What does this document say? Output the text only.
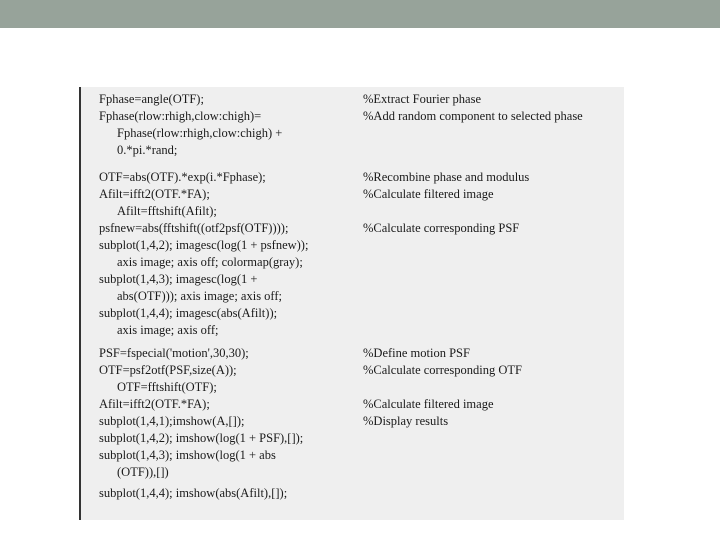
Fphase=angle(OTF);	%Extract Fourier phase
Fphase(rlow:rhigh,clow:chigh)=	%Add random component to selected phase
Fphase(rlow:rhigh,clow:chigh) +
0.*pi.*rand;
OTF=abs(OTF).*exp(i.*Fphase);	%Recombine phase and modulus
Afilt=ifft2(OTF.*FA);	%Calculate filtered image
Afilt=fftshift(Afilt);
psfnew=abs(fftshift((otf2psf(OTF))));	%Calculate corresponding PSF
subplot(1,4,2); imagesc(log(1 + psfnew));
axis image; axis off; colormap(gray);
subplot(1,4,3); imagesc(log(1 +
abs(OTF))); axis image; axis off;
subplot(1,4,4); imagesc(abs(Afilt));
axis image; axis off;
PSF=fspecial('motion',30,30);	%Define motion PSF
OTF=psf2otf(PSF,size(A));	%Calculate corresponding OTF
OTF=fftshift(OTF);
Afilt=ifft2(OTF.*FA);	%Calculate filtered image
subplot(1,4,1);imshow(A,[]);	%Display results
subplot(1,4,2); imshow(log(1 + PSF),[]);
subplot(1,4,3); imshow(log(1 + abs
(OTF)),[])
subplot(1,4,4); imshow(abs(Afilt),[]);
